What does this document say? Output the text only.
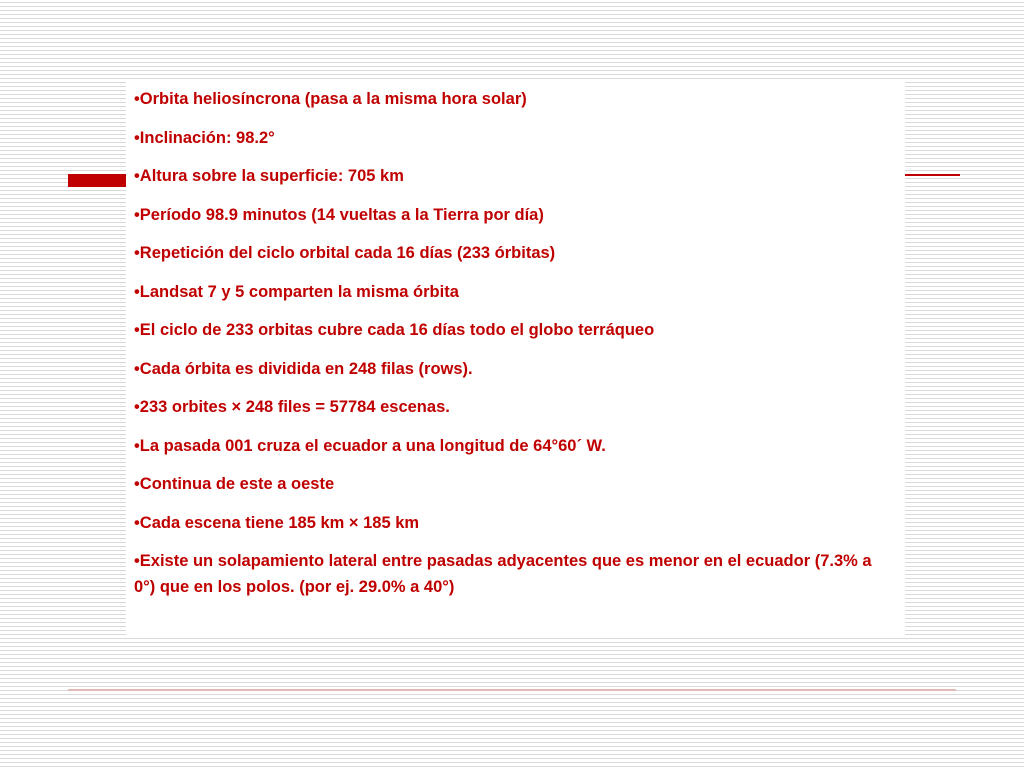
•Orbita heliosíncrona (pasa a la misma hora solar)
•Inclinación: 98.2°
•Altura sobre la superficie: 705 km
•Período 98.9 minutos (14 vueltas a la Tierra por día)
•Repetición del ciclo orbital cada 16 días (233 órbitas)
•Landsat 7 y 5 comparten la misma órbita
•El ciclo de 233 orbitas cubre cada 16 días todo el globo terráqueo
•Cada órbita es dividida en 248 filas (rows).
•233 orbites × 248 files = 57784 escenas.
•La pasada 001 cruza el ecuador a una longitud de 64°60´ W.
•Continua de este a oeste
•Cada escena tiene 185 km × 185 km
•Existe un solapamiento lateral entre pasadas adyacentes que es menor en el ecuador (7.3% a 0°) que en los polos. (por ej. 29.0% a 40°)
